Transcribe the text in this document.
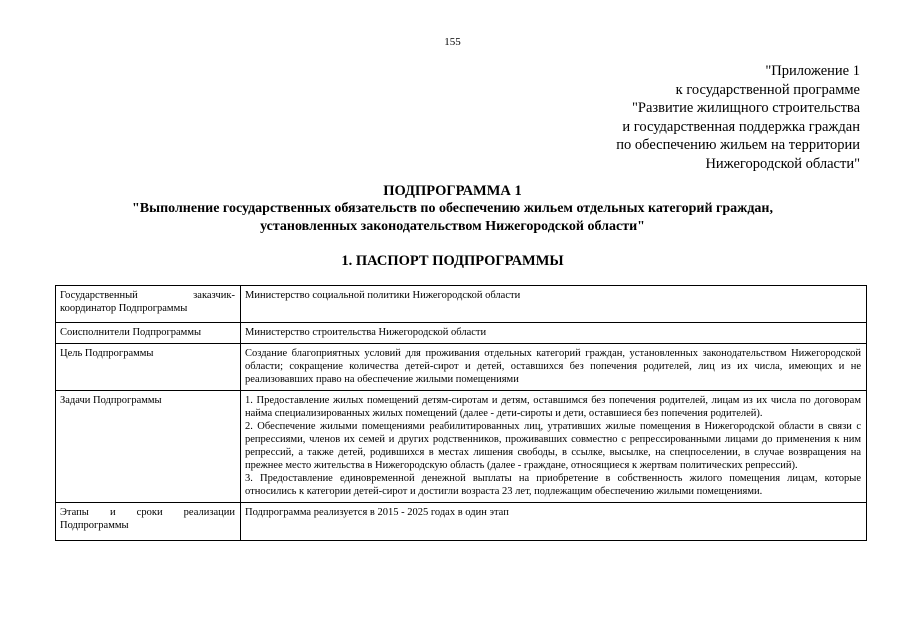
155
"Приложение 1
к государственной программе
"Развитие жилищного строительства
и государственная поддержка граждан
по обеспечению жильем на территории
Нижегородской области"
ПОДПРОГРАММА 1
"Выполнение государственных обязательств по обеспечению жильем отдельных категорий граждан,
установленных законодательством Нижегородской области"
1. ПАСПОРТ ПОДПРОГРАММЫ
Государственный заказчик-координатор Подпрограммы	Министерство социальной политики Нижегородской области
Соисполнители Подпрограммы	Министерство строительства Нижегородской области
Цель Подпрограммы	Создание благоприятных условий для проживания отдельных категорий граждан, установленных законодательством Нижегородской области; сокращение количества детей-сирот и детей, оставшихся без попечения родителей, лиц из их числа, имеющих и не реализовавших право на обеспечение жилыми помещениями
Задачи Подпрограммы	1. Предоставление жилых помещений детям-сиротам и детям, оставшимся без попечения родителей, лицам из их числа по договорам найма специализированных жилых помещений (далее - дети-сироты и дети, оставшиеся без попечения родителей).
2. Обеспечение жилыми помещениями реабилитированных лиц, утративших жилые помещения в Нижегородской области в связи с репрессиями, членов их семей и других родственников, проживавших совместно с репрессированными лицами до применения к ним репрессий, а также детей, родившихся в местах лишения свободы, в ссылке, высылке, на спецпоселении, в случае возвращения на прежнее место жительства в Нижегородскую область (далее - граждане, относящиеся к жертвам политических репрессий).
3. Предоставление единовременной денежной выплаты на приобретение в собственность жилого помещения лицам, которые относились к категории детей-сирот и достигли возраста 23 лет, подлежащим обеспечению жилыми помещениями.

Этапы и сроки реализации Подпрограммы	Подпрограмма реализуется в 2015 - 2025 годах в один этап
